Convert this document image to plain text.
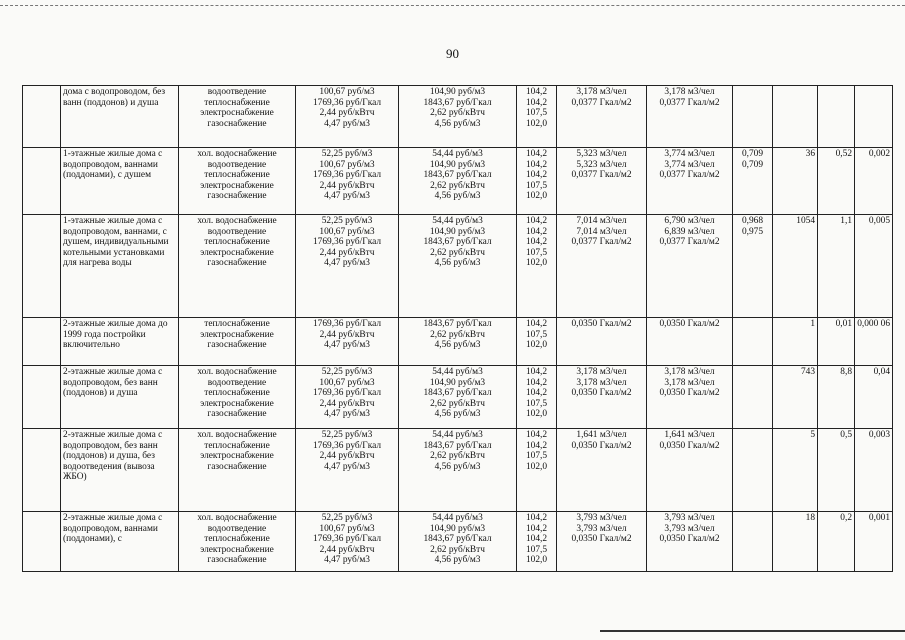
90
	дома с водопроводом, без ванн (поддонов) и душа	водоотведение
теплоснабжение
электроснабжение
газоснабжение	100,67 руб/м3
1769,36 руб/Гкал
2,44 руб/кВтч
4,47 руб/м3	104,90 руб/м3
1843,67 руб/Гкал
2,62 руб/кВтч
4,56 руб/м3	104,2
104,2
107,5
102,0	3,178 м3/чел
0,0377 Гкал/м2	3,178 м3/чел
0,0377 Гкал/м2				

	1-этажные жилые дома с водопроводом, ваннами (поддонами), с душем	хол. водоснабжение
водоотведение
теплоснабжение
электроснабжение
газоснабжение	52,25 руб/м3
100,67 руб/м3
1769,36 руб/Гкал
2,44 руб/кВтч
4,47 руб/м3	54,44 руб/м3
104,90 руб/м3
1843,67 руб/Гкал
2,62 руб/кВтч
4,56 руб/м3	104,2
104,2
104,2
107,5
102,0	5,323 м3/чел
5,323 м3/чел
0,0377 Гкал/м2	3,774 м3/чел
3,774 м3/чел
0,0377 Гкал/м2	0,709
0,709	36	0,52	0,002
	1-этажные жилые дома с водопроводом, ваннами, с душем, индивидуальными котельными установками для нагрева воды	хол. водоснабжение
водоотведение
теплоснабжение
электроснабжение
газоснабжение	52,25 руб/м3
100,67 руб/м3
1769,36 руб/Гкал
2,44 руб/кВтч
4,47 руб/м3	54,44 руб/м3
104,90 руб/м3
1843,67 руб/Гкал
2,62 руб/кВтч
4,56 руб/м3	104,2
104,2
104,2
107,5
102,0	7,014 м3/чел
7,014 м3/чел
0,0377 Гкал/м2	6,790 м3/чел
6,839 м3/чел
0,0377 Гкал/м2	0,968
0,975	1054	1,1	0,005
	2-этажные жилые дома до 1999 года постройки включительно	теплоснабжение
электроснабжение
газоснабжение	1769,36 руб/Гкал
2,44 руб/кВтч
4,47 руб/м3	1843,67 руб/Гкал
2,62 руб/кВтч
4,56 руб/м3	104,2
107,5
102,0	0,0350 Гкал/м2	0,0350 Гкал/м2		1	0,01	0,000 06
	2-этажные жилые дома с водопроводом, без ванн (поддонов) и душа	хол. водоснабжение
водоотведение
теплоснабжение
электроснабжение
газоснабжение	52,25 руб/м3
100,67 руб/м3
1769,36 руб/Гкал
2,44 руб/кВтч
4,47 руб/м3	54,44 руб/м3
104,90 руб/м3
1843,67 руб/Гкал
2,62 руб/кВтч
4,56 руб/м3	104,2
104,2
104,2
107,5
102,0	3,178 м3/чел
3,178 м3/чел
0,0350 Гкал/м2	3,178 м3/чел
3,178 м3/чел
0,0350 Гкал/м2		743	8,8	0,04
	2-этажные жилые дома с водопроводом, без ванн (поддонов) и душа, без водоотведения (вывоза ЖБО)	хол. водоснабжение
теплоснабжение
электроснабжение
газоснабжение	52,25 руб/м3
1769,36 руб/Гкал
2,44 руб/кВтч
4,47 руб/м3	54,44 руб/м3
1843,67 руб/Гкал
2,62 руб/кВтч
4,56 руб/м3	104,2
104,2
107,5
102,0	1,641 м3/чел
0,0350 Гкал/м2	1,641 м3/чел
0,0350 Гкал/м2		5	0,5	0,003
	2-этажные жилые дома с водопроводом, ваннами (поддонами), с	хол. водоснабжение
водоотведение
теплоснабжение
электроснабжение
газоснабжение	52,25 руб/м3
100,67 руб/м3
1769,36 руб/Гкал
2,44 руб/кВтч
4,47 руб/м3	54,44 руб/м3
104,90 руб/м3
1843,67 руб/Гкал
2,62 руб/кВтч
4,56 руб/м3	104,2
104,2
104,2
107,5
102,0	3,793 м3/чел
3,793 м3/чел
0,0350 Гкал/м2	3,793 м3/чел
3,793 м3/чел
0,0350 Гкал/м2		18	0,2	0,001
